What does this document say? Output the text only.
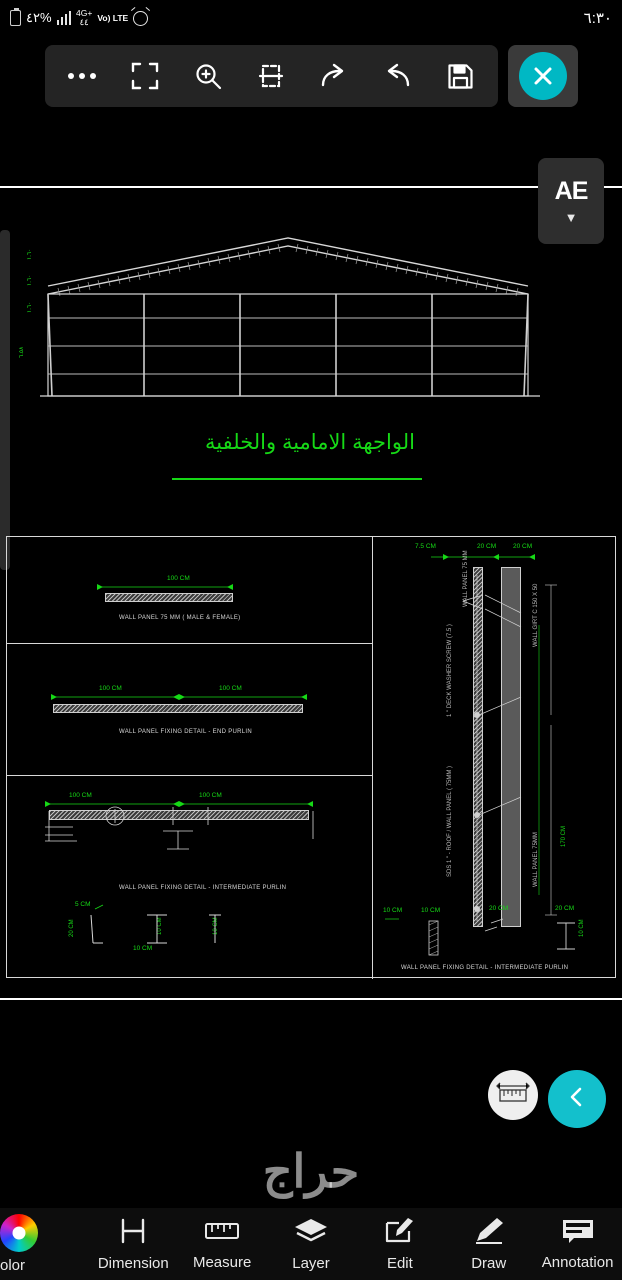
٤٢%	4G+
٤٤	Vo) LTE	٦:٣٠
AE
▼
٦.٥٨
١.٦٠
١.٦٠
١.٦٠
الواجهة الامامية والخلفية
100 CM
WALL PANEL 75 MM ( MALE & FEMALE)
100 CM	100 CM
WALL PANEL FIXING DETAIL - END PURLIN
100 CM	100 CM
WALL PANEL FIXING DETAIL - INTERMEDIATE PURLIN
5 CM
20 CM	10 CM
10 CM
10 CM
7.5 CM	20 CM	20 CM
170 CM
1 " DECK WASHER SCREW (7.5 )
SDS 1 " - ROOF / WALL PANEL ( 75MM )
WALL PANEL 75 MM
WALL GIRT C 150 X 50
WALL PANEL 75MM
10 CM	10 CM	20 CM	20 CM
10 CM
WALL PANEL FIXING DETAIL - INTERMEDIATE PURLIN
حراج
olor	Dimension Measure	Layer	Edit	Draw Annotation
